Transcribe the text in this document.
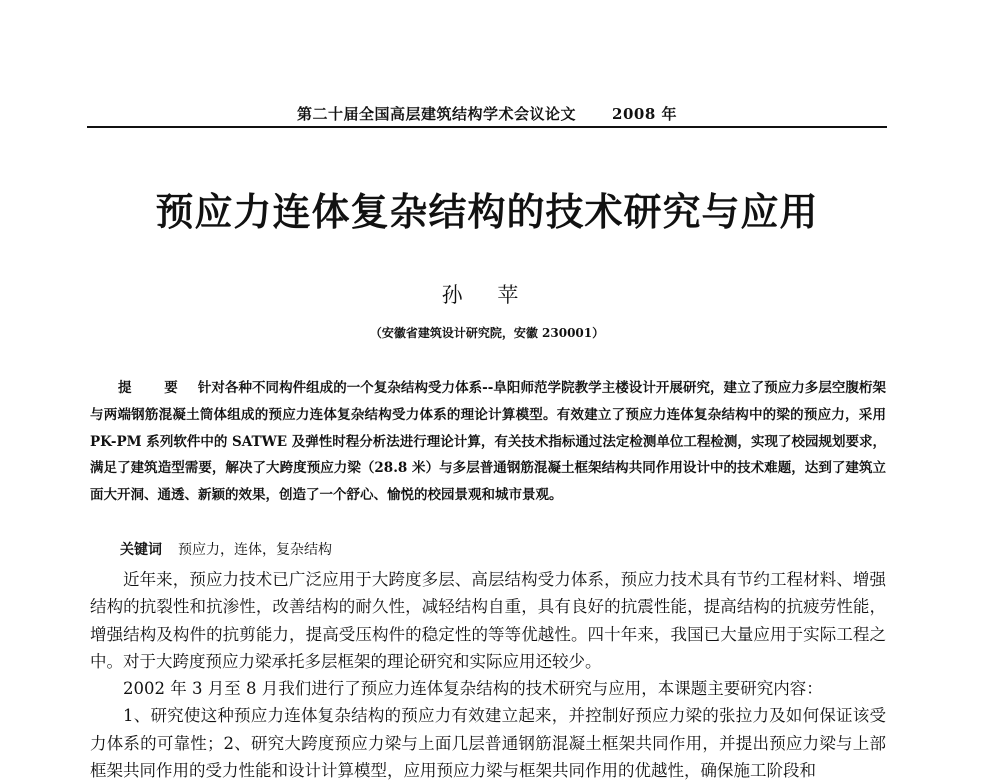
第二十届全国高层建筑结构学术会议论文 2008 年
预应力连体复杂结构的技术研究与应用
孙 苹
（安徽省建筑设计研究院，安徽 230001）

提 要 针对各种不同构件组成的一个复杂结构受力体系--阜阳师范学院教学主楼设计开展研究，建立了预应力多层空腹桁架与两端钢筋混凝土筒体组成的预应力连体复杂结构受力体系的理论计算模型。有效建立了预应力连体复杂结构中的梁的预应力，采用 PK-PM 系列软件中的 SATWE 及弹性时程分析法进行理论计算，有关技术指标通过法定检测单位工程检测，实现了校园规划要求，满足了建筑造型需要，解决了大跨度预应力梁（28.8 米）与多层普通钢筋混凝土框架结构共同作用设计中的技术难题，达到了建筑立面大开洞、通透、新颖的效果，创造了一个舒心、愉悦的校园景观和城市景观。

关键词 预应力，连体，复杂结构

近年来，预应力技术已广泛应用于大跨度多层、高层结构受力体系，预应力技术具有节约工程材料、增强结构的抗裂性和抗渗性，改善结构的耐久性，减轻结构自重，具有良好的抗震性能，提高结构的抗疲劳性能，增强结构及构件的抗剪能力，提高受压构件的稳定性的等等优越性。四十年来，我国已大量应用于实际工程之中。对于大跨度预应力梁承托多层框架的理论研究和实际应用还较少。

2002 年 3 月至 8 月我们进行了预应力连体复杂结构的技术研究与应用，本课题主要研究内容：

1、研究使这种预应力连体复杂结构的预应力有效建立起来，并控制好预应力梁的张拉力及如何保证该受力体系的可靠性；2、研究大跨度预应力梁与上面几层普通钢筋混凝土框架共同作用，并提出预应力梁与上部框架共同作用的受力性能和设计计算模型，应用预应力梁与框架共同作用的优越性，确保施工阶段和
